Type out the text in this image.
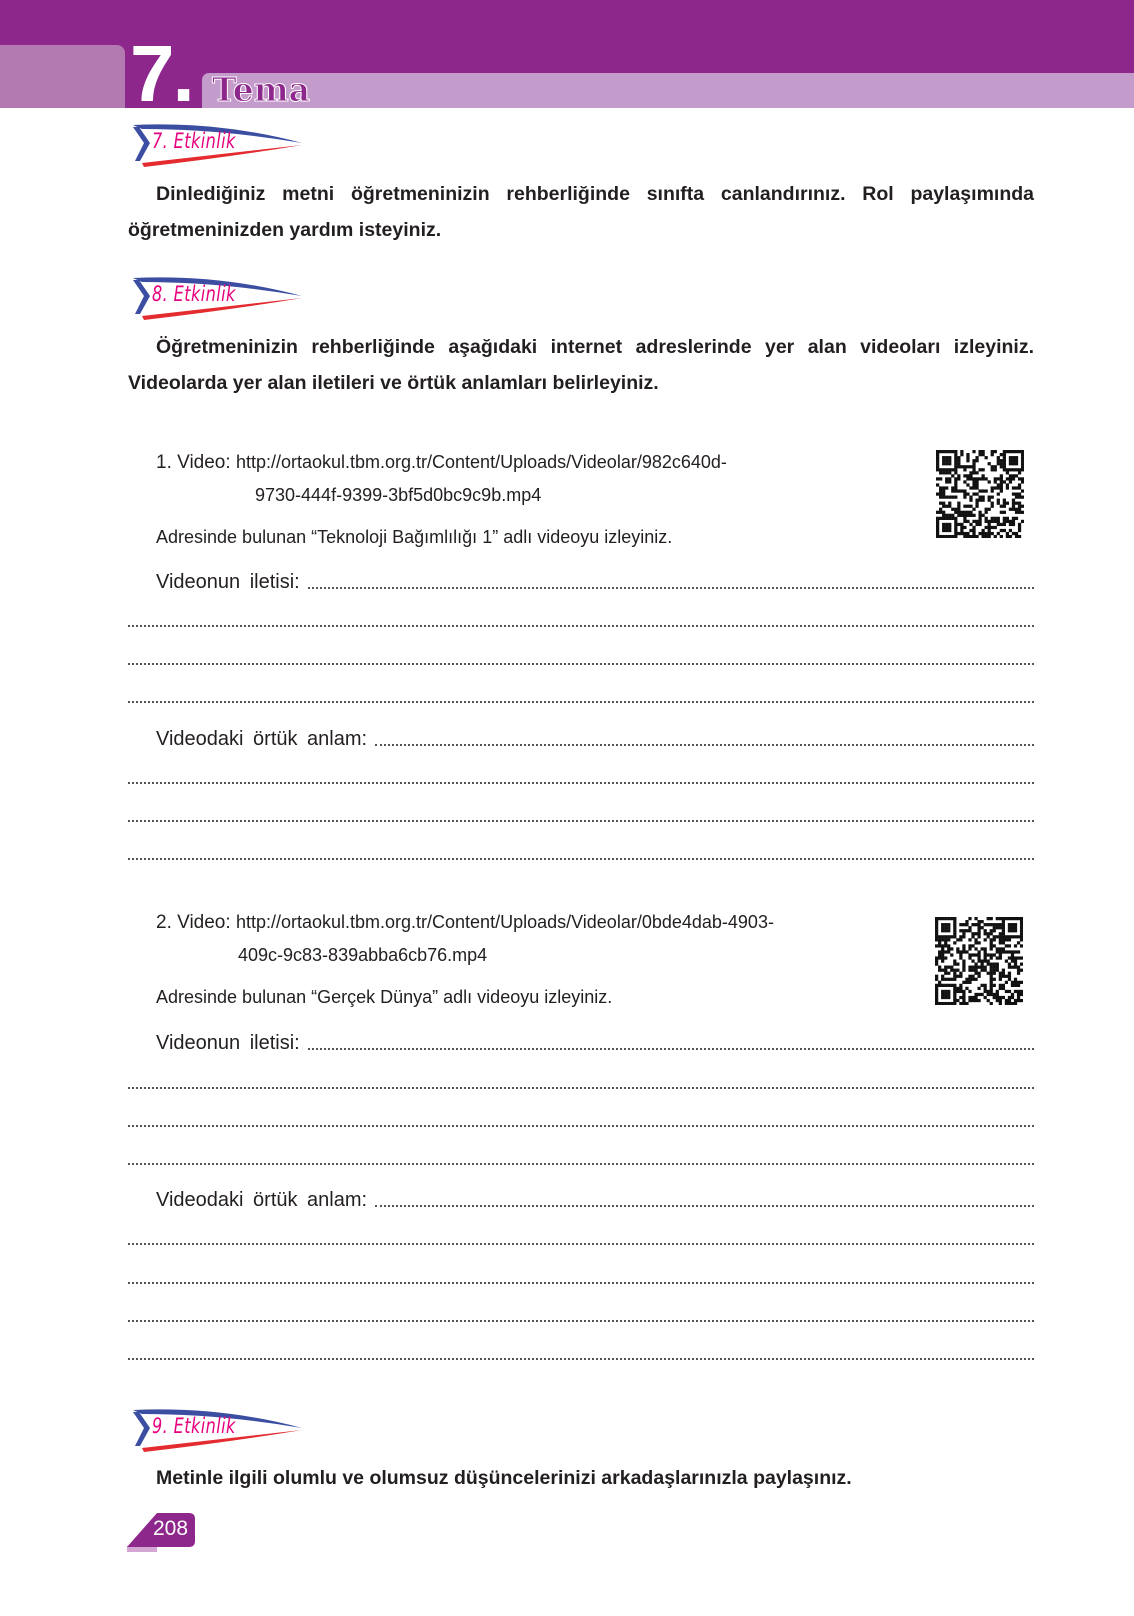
7. Tema
7. Etkinlik
Dinlediğiniz metni öğretmeninizin rehberliğinde sınıfta canlandırınız. Rol paylaşımında öğretmeninizden yardım isteyiniz.
8. Etkinlik
Öğretmeninizin rehberliğinde aşağıdaki internet adreslerinde yer alan videoları izleyiniz. Videolarda yer alan iletileri ve örtük anlamları belirleyiniz.
1. Video: http://ortaokul.tbm.org.tr/Content/Uploads/Videolar/982c640d-
9730-444f-9399-3bf5d0bc9c9b.mp4
Adresinde bulunan “Teknoloji Bağımlılığı 1” adlı videoyu izleyiniz.
Videonun iletisi:
Videodaki örtük anlam:
2. Video: http://ortaokul.tbm.org.tr/Content/Uploads/Videolar/0bde4dab-4903-
409c-9c83-839abba6cb76.mp4
Adresinde bulunan “Gerçek Dünya” adlı videoyu izleyiniz.
Videonun iletisi:
Videodaki örtük anlam:
9. Etkinlik
Metinle ilgili olumlu ve olumsuz düşüncelerinizi arkadaşlarınızla paylaşınız.
208
